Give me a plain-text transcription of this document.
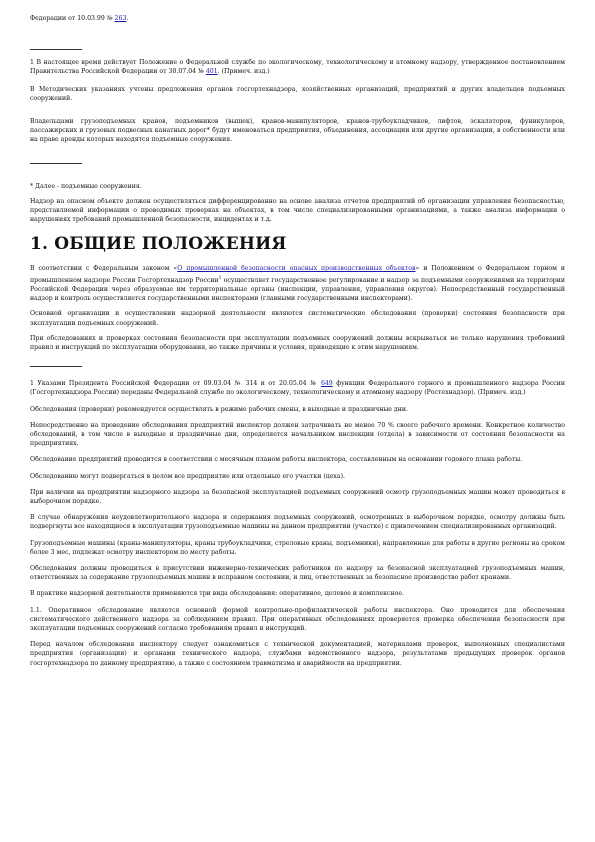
Федерации от 10.03.99 № 263.

1 В настоящее время действует Положение о Федеральной службе по экологическому, технологическому и атомному надзору, утвержденное постановлением Правительства Российской Федерации от 30.07.04 № 401. (Примеч. изд.)

В Методических указаниях учтены предложения органов госгортехнадзора, хозяйственных организаций, предприятий и других владельцев подъемных сооружений.

Владельцами грузоподъемных кранов, подъемников (вышек), кранов-манипуляторов, кранов-трубоукладчиков, лифтов, эскалаторов, фуникулеров, пассажирских и грузовых подвесных канатных дорог* будут именоваться предприятия, объединения, ассоциации или другие организации, в собственности или на праве аренды которых находятся подъемные сооружения.

* Далее - подъемные сооружения.

Надзор на опасном объекте должен осуществляться дифференцированно на основе анализа отчетов предприятий об организации управления безопасностью, представляемой информации о проводимых проверках на объектах, в том числе специализированными организациями, а также анализа информации о нарушениях требований промышленной безопасности, инцидентах и т.д.

1. ОБЩИЕ ПОЛОЖЕНИЯ

В соответствии с Федеральным законом «О промышленной безопасности опасных производственных объектов» и Положением о Федеральном горном и промышленном надзоре России Госгортехнадзор России$^1$ осуществляет государственное регулирование и надзор за подъемными сооружениями на территории Российской Федерации через образуемые им территориальные органы (инспекции, управления, управления округов). Непосредственный государственный надзор и контроль осуществляется государственными инспекторами (главными государственными инспекторами).

Основной организации и осуществлении надзорной деятельности являются систематические обследования (проверки) состояния безопасности при эксплуатации подъемных сооружений.

При обследованиях и проверках состояния безопасности при эксплуатации подъемных сооружений должны вскрываться не только нарушения требований правил и инструкций по эксплуатации оборудования, но также причины и условия, приводящие к этим нарушениям.

1 Указами Президента Российской Федерации от 09.03.04 № 314 и от 20.05.04 № 649 функции Федерального горного и промышленного надзора России (Госгортехнадзора России) переданы Федеральной службе по экологическому, технологическому и атомному надзору (Ростехнадзор). (Примеч. изд.)

Обследования (проверки) рекомендуется осуществлять в режиме рабочих смены, в выходные и праздничные дни.

Непосредственно на проведение обследования предприятий инспектор должен затрачивать не менее 70 % своего рабочего времени. Конкретное количество обследований, в том числе в выходные и праздничные дни, определяется начальником инспекции (отдела) в зависимости от состояния безопасности на предприятиях.

Обследование предприятий проводится в соответствии с месячным планом работы инспектора, составленным на основании годового плана работы.

Обследованию могут подвергаться в целом все предприятие или отдельные его участки (цеха).

При наличии на предприятии надзорного надзора за безопасной эксплуатацией подъемных сооружений осмотр грузоподъемных машин может проводиться в выборочном порядке.

В случае обнаружения неудовлетворительного надзора и содержания подъемных сооружений, осмотренных в выборочном порядке, осмотру должны быть подвергнуты все находящиеся в эксплуатации грузоподъемные машины на данном предприятии (участке) с привлечением специализированных организаций.

Грузоподъемные машины (краны-манипуляторы, краны трубоукладчики, стреловые краны, подъемники), направленные для работы в другие регионы на сроком более 3 мес, подлежат осмотру инспектором по месту работы.

Обследования должны проводиться в присутствии инженерно-технических работников по надзору за безопасной эксплуатацией грузоподъемных машин, ответственных за содержание грузоподъемных машин в исправном состоянии, и лиц, ответственных за безопасное производство работ кранами.

В практике надзорной деятельности применяются три вида обследования: оперативное, целевое и комплексное.

1.1. Оперативное обследование является основной формой контрольно-профилактической работы инспектора. Оно проводится для обеспечения систематического действенного надзора за соблюдением правил. При оперативных обследованиях проверяется проверка обеспечения безопасности при эксплуатации подъемных сооружений согласно требованиям правил и инструкций.

Перед началом обследования инспектору следует ознакомиться с технической документацией, материалами проверок, выполненных специалистами предприятия (организации) и органами технического надзора, службами ведомственного надзора, результатами предыдущих проверок органов госгортехнадзора по данному предприятию, а также с состоянием травматизма и аварийности на предприятии.
